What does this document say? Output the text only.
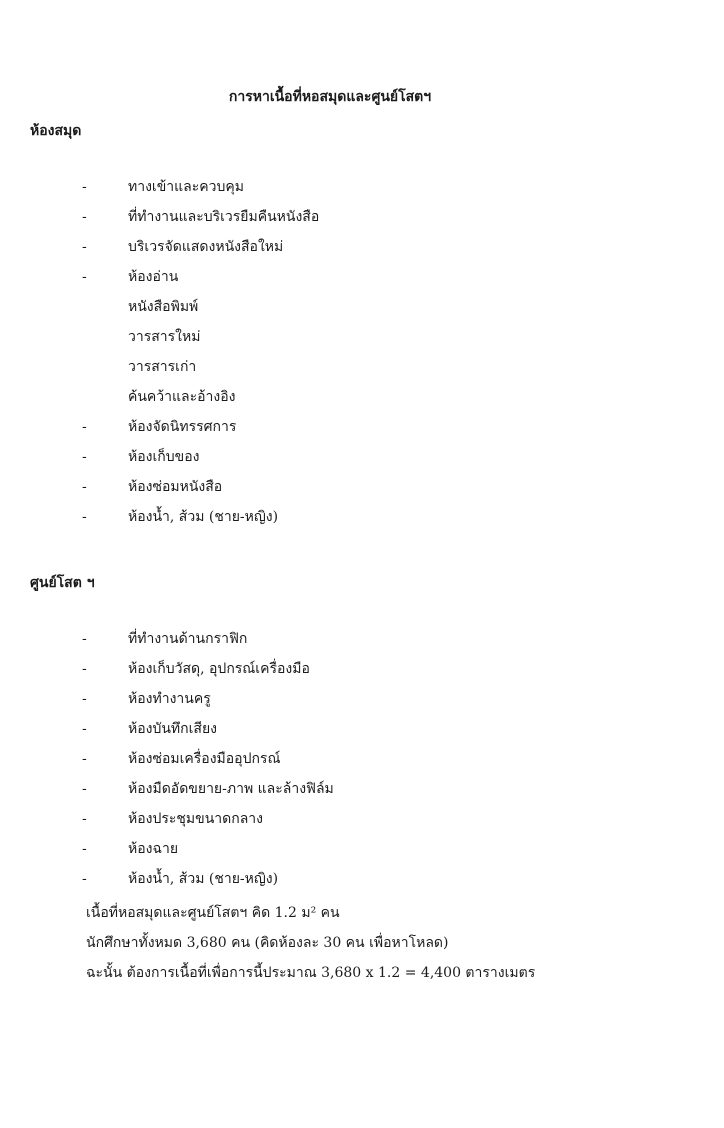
การหาเนื้อที่หอสมุดและศูนย์โสตฯ
ห้องสมุด
-	ทางเข้าและควบคุม
-	ที่ทำงานและบริเวรยืมคืนหนังสือ
-	บริเวรจัดแสดงหนังสือใหม่
-	ห้องอ่าน
หนังสือพิมพ์
วารสารใหม่
วารสารเก่า
ค้นคว้าและอ้างอิง
-	ห้องจัดนิทรรศการ
-	ห้องเก็บของ
-	ห้องซ่อมหนังสือ
-	ห้องน้ำ, ส้วม (ชาย-หญิง)
ศูนย์โสต ฯ
-	ที่ทำงานด้านกราฟิก
-	ห้องเก็บวัสดุ, อุปกรณ์เครื่องมือ
-	ห้องทำงานครู
-	ห้องบันทึกเสียง
-	ห้องซ่อมเครื่องมืออุปกรณ์
-	ห้องมืดอัดขยาย-ภาพ และล้างฟิล์ม
-	ห้องประชุมขนาดกลาง
-	ห้องฉาย
-	ห้องน้ำ, ส้วม (ชาย-หญิง)

เนื้อที่หอสมุดและศูนย์โสตฯ คิด 1.2 ม² คน

นักศึกษาทั้งหมด 3,680 คน (คิดห้องละ 30 คน เพื่อหาโหลด)

ฉะนั้น ต้องการเนื้อที่เพื่อการนี้ประมาณ 3,680 x 1.2 = 4,400 ตารางเมตร
